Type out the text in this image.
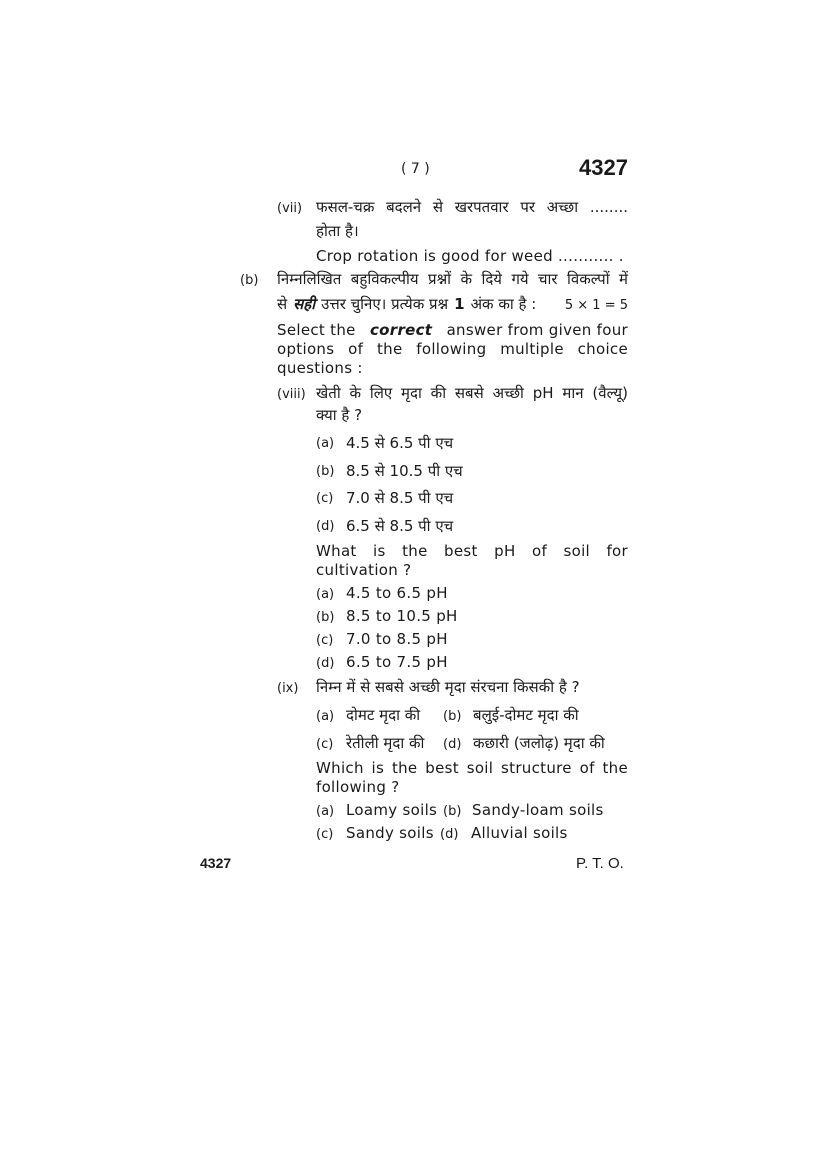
( 7 )	4327
(vii) फसल-चक्र बदलने से खरपतवार पर अच्छा ........
होता है।
Crop rotation is good for weed ........... .
(b) निम्नलिखित बहुविकल्पीय प्रश्नों के दिये गये चार विकल्पों में
से सही उत्तर चुनिए। प्रत्येक प्रश्न 1 अंक का है : 5 × 1 = 5
Select the correct answer from given four
options of the following multiple choice
questions :
(viii) खेती के लिए मृदा की सबसे अच्छी pH मान (वैल्यू)
क्या है ?
(a) 4.5 से 6.5 पी एच
(b) 8.5 से 10.5 पी एच
(c) 7.0 से 8.5 पी एच
(d) 6.5 से 8.5 पी एच
What is the best pH of soil for
cultivation ?
(a) 4.5 to 6.5 pH
(b) 8.5 to 10.5 pH
(c) 7.0 to 8.5 pH
(d) 6.5 to 7.5 pH
(ix) निम्न में से सबसे अच्छी मृदा संरचना किसकी है ?
(a) दोमट मृदा की (b) बलुई-दोमट मृदा की
(c) रेतीली मृदा की (d) कछारी (जलोढ़) मृदा की
Which is the best soil structure of the
following ?
(a) Loamy soils (b) Sandy-loam soils
(c) Sandy soils (d) Alluvial soils
4327	P. T. O.
